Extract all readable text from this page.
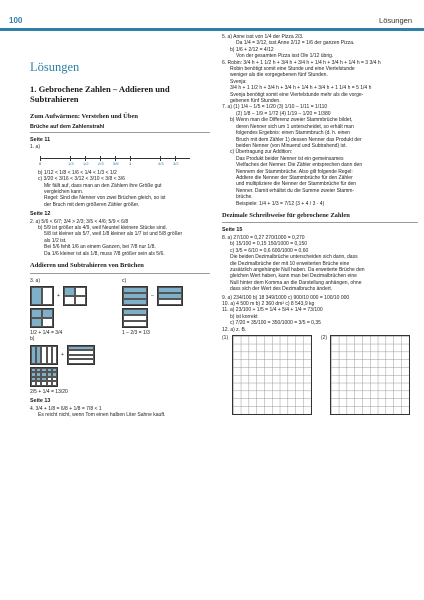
100	Lösungen
Lösungen
1. Gebrochene Zahlen – Addieren und Subtrahieren
Zum Aufwärmen: Verstehen und Üben
Brüche auf dem Zahlenstrahl
Seite 11
1. a)
0	1/3 1/2 2/3 5/6	1	4/3 3/2
b) 1/12 < 1/8 < 1/6 < 1/4 < 1/3 < 1/2
c) 3/20 < 3/16 < 3/12 < 3/10 < 3/8 < 3/6
Mir fällt auf, dass man an den Zählern ihre Größe gut
vergleichen kann.
Regel: Sind die Nenner von zwei Brüchen gleich, so ist
der Bruch mit dem größeren Zähler größer.
Seite 12
2. a) 5/6 < 6/7; 3/4 > 2/3; 3/5 < 4/6; 5/9 < 6/8
b) 5/9 ist größer als 4/9, weil Neuntel kleinere Stücke sind.
5/8 ist kleiner als 5/7, weil 1/8 kleiner als 1/7 ist und 5/8 größer
als 1/2 ist.
Bei 5/6 fehlt 1/6 an einem Ganzen, bei 7/8 nur 1/8.
Da 1/6 kleiner ist als 1/8, muss 7/8 größer sein als 5/6.
Addieren und Subtrahieren von Brüchen
3. a)
+
1/2 + 1/4 = 3/4
c)
–
1 – 2/3 = 1/3
b)
+
2/5 + 1/4 = 13/20
Seite 13
4. 3/4 + 1/8 = 6/8 + 1/8 = 7/8 < 1
Es reicht nicht, wenn Tom einen halben Liter Sahne kauft.
5. a) Anne isst von 1/4 der Pizza 2/3.
Da 1/4 = 3/12, isst Anne 2/12 = 1/6 der ganzen Pizza.
b) 1/6 + 2/12 = 4/12
Von der gesamten Pizza isst Ole 1/12 übrig.
6. Robin: 3/4 h + 1 1/2 h + 3/4 h + 3/4 h + 1/4 h + 3/4 h + 1/4 h = 3 3/4 h
Robin benötigt somit eine Stunde und eine Viertelstunde
weniger als die vorgegebenen fünf Stunden.
Svenja:
3/4 h + 1 1/2 h + 3/4 h + 3/4 h + 1/4 h + 3/4 h + 1 1/4 h = 5 1/4 h
Svenja benötigt somit eine Viertelstunde mehr als die vorge-
gebenen fünf Stunden.
7. a) (1) 1/4 – 1/5 = 1/20 (3) 1/10 – 1/11 = 1/110
(2) 1/8 – 1/9 = 1/72 (4) 1/19 – 1/20 = 1/380
b) Wenn man die Differenz zweier Stammbrüche bildet,
deren Nenner sich um 1 unterscheidet, so erhält man
folgendes Ergebnis: einen Stammbruch (d. h. einen
Bruch mit dem Zähler 1) dessen Nenner das Produkt der
beiden Nenner (von Minuend und Subtrahend) ist.
c) Übertragung zur Addition:
Das Produkt beider Nenner ist ein gemeinsames
Vielfaches der Nenner. Die Zähler entsprechen dann den
Nennern der Stammbrüche. Also gilt folgende Regel:
Addiere die Nenner der Stammbrüche für den Zähler
und multipliziere die Nenner der Stammbrüche für den
Nenner. Damit erhältst du die Summe zweier Stamm-
brüche.
Beispiele: 1/4 + 1/3 = 7/12 (3 + 4 / 3 · 4)
Dezimale Schreibweise für gebrochene Zahlen
Seite 15
8. a) 27/100 = 0,27 270/1000 = 0,270
b) 15/100 = 0,15 150/1000 = 0,150
c) 3/5 = 6/10 = 0,6 600/1000 = 0,60
Die beiden Dezimalbrüche unterscheiden sich darin, dass
die Dezimalbrüche der mit 10 erweiterten Brüche eine
zusätzlich angehängte Null haben. Da erweiterte Brüche den
gleichen Wert haben, kann man bei Dezimalbrüchen eine
Null hinter dem Komma an die Darstellung anhängen, ohne
dass sich der Wert des Dezimalbruchs ändert.
9. a) 234/100 b) 18 349/1000 c) 900/10 000 = 100/10 000
10. a) 4 500 m b) 2 360 dm² c) 8 543,9 kg
11. a) 23/100 + 1/5 = 1/4 + 5/4 + 1/4 = 73/100
b) ist korrekt
c) 7/20 = 35/100 = 350/1000 = 3/5 = 0,35
12. a) z. B.
(1)	(2)
